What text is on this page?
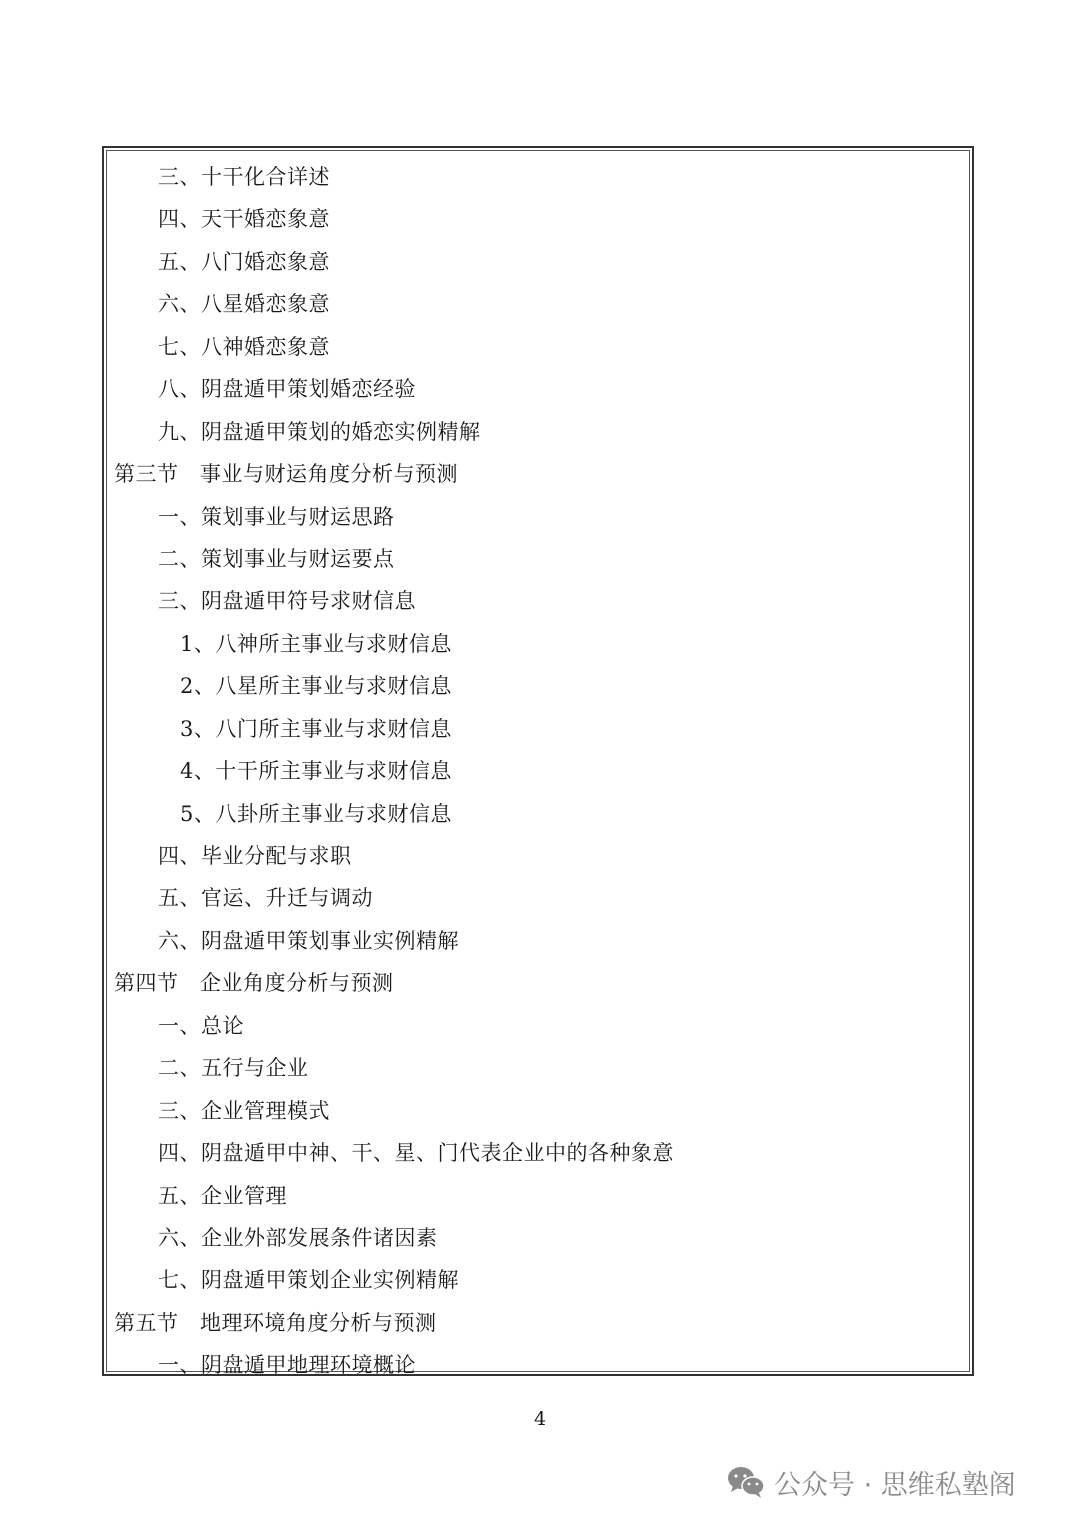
三、十干化合详述
四、天干婚恋象意
五、八门婚恋象意
六、八星婚恋象意
七、八神婚恋象意
八、阴盘遁甲策划婚恋经验
九、阴盘遁甲策划的婚恋实例精解
第三节　事业与财运角度分析与预测
一、策划事业与财运思路
二、策划事业与财运要点
三、阴盘遁甲符号求财信息
1、八神所主事业与求财信息
2、八星所主事业与求财信息
3、八门所主事业与求财信息
4、十干所主事业与求财信息
5、八卦所主事业与求财信息
四、毕业分配与求职
五、官运、升迁与调动
六、阴盘遁甲策划事业实例精解
第四节　企业角度分析与预测
一、总论
二、五行与企业
三、企业管理模式
四、阴盘遁甲中神、干、星、门代表企业中的各种象意
五、企业管理
六、企业外部发展条件诸因素
七、阴盘遁甲策划企业实例精解
第五节　地理环境角度分析与预测
一、阴盘遁甲地理环境概论
4
公众号 · 思维私塾阁
